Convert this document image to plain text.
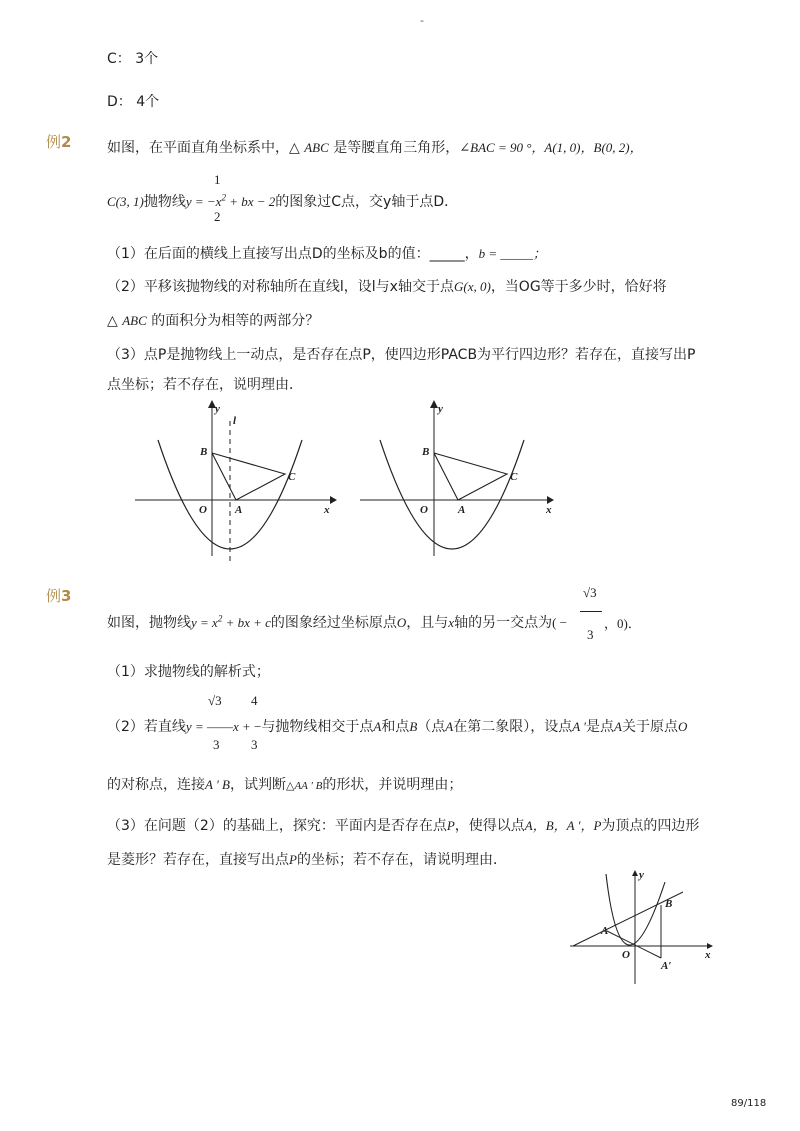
-
C： 3个
D： 4个
例2	如图，在平面直角坐标系中，△ ABC 是等腰直角三角形，∠BAC = 90 °，A(1, 0)，B(0, 2)，
1
2
C(3, 1)抛物线$y = -x^2$ + bx − 2的图象过C点，交y轴于点D．
（1）在后面的横线上直接写出点D的坐标及b的值：_____，b = _____；
（2）平移该抛物线的对称轴所在直线l，设l与x轴交于点G(x, 0)，当OG等于多少时，恰好将
△ ABC 的面积分为相等的两部分？
（3）点P是抛物线上一动点，是否存在点P，使四边形PACB为平行四边形？若存在，直接写出P
点坐标；若不存在，说明理由．
y
l
B
C
O	A	x
y
B
C
O	A	x
例3	√3
3
如图，抛物线$y = x^2$ + bx + c的图象经过坐标原点O，且与x轴的另一交点为( −	，0)．
（1）求抛物线的解析式；
√3
3
4
3
（2）若直线y = ——x + −与抛物线相交于点A和点B（点A在第二象限），设点A ′是点A关于原点O
的对称点，连接A ′ B，试判断△AA ′ B的形状，并说明理由；
（3）在问题（2）的基础上，探究：平面内是否存在点P，使得以点A，B，A ′，P为顶点的四边形
是菱形？若存在，直接写出点P的坐标；若不存在，请说明理由．
A
B
O
A′
y
x
89/118
